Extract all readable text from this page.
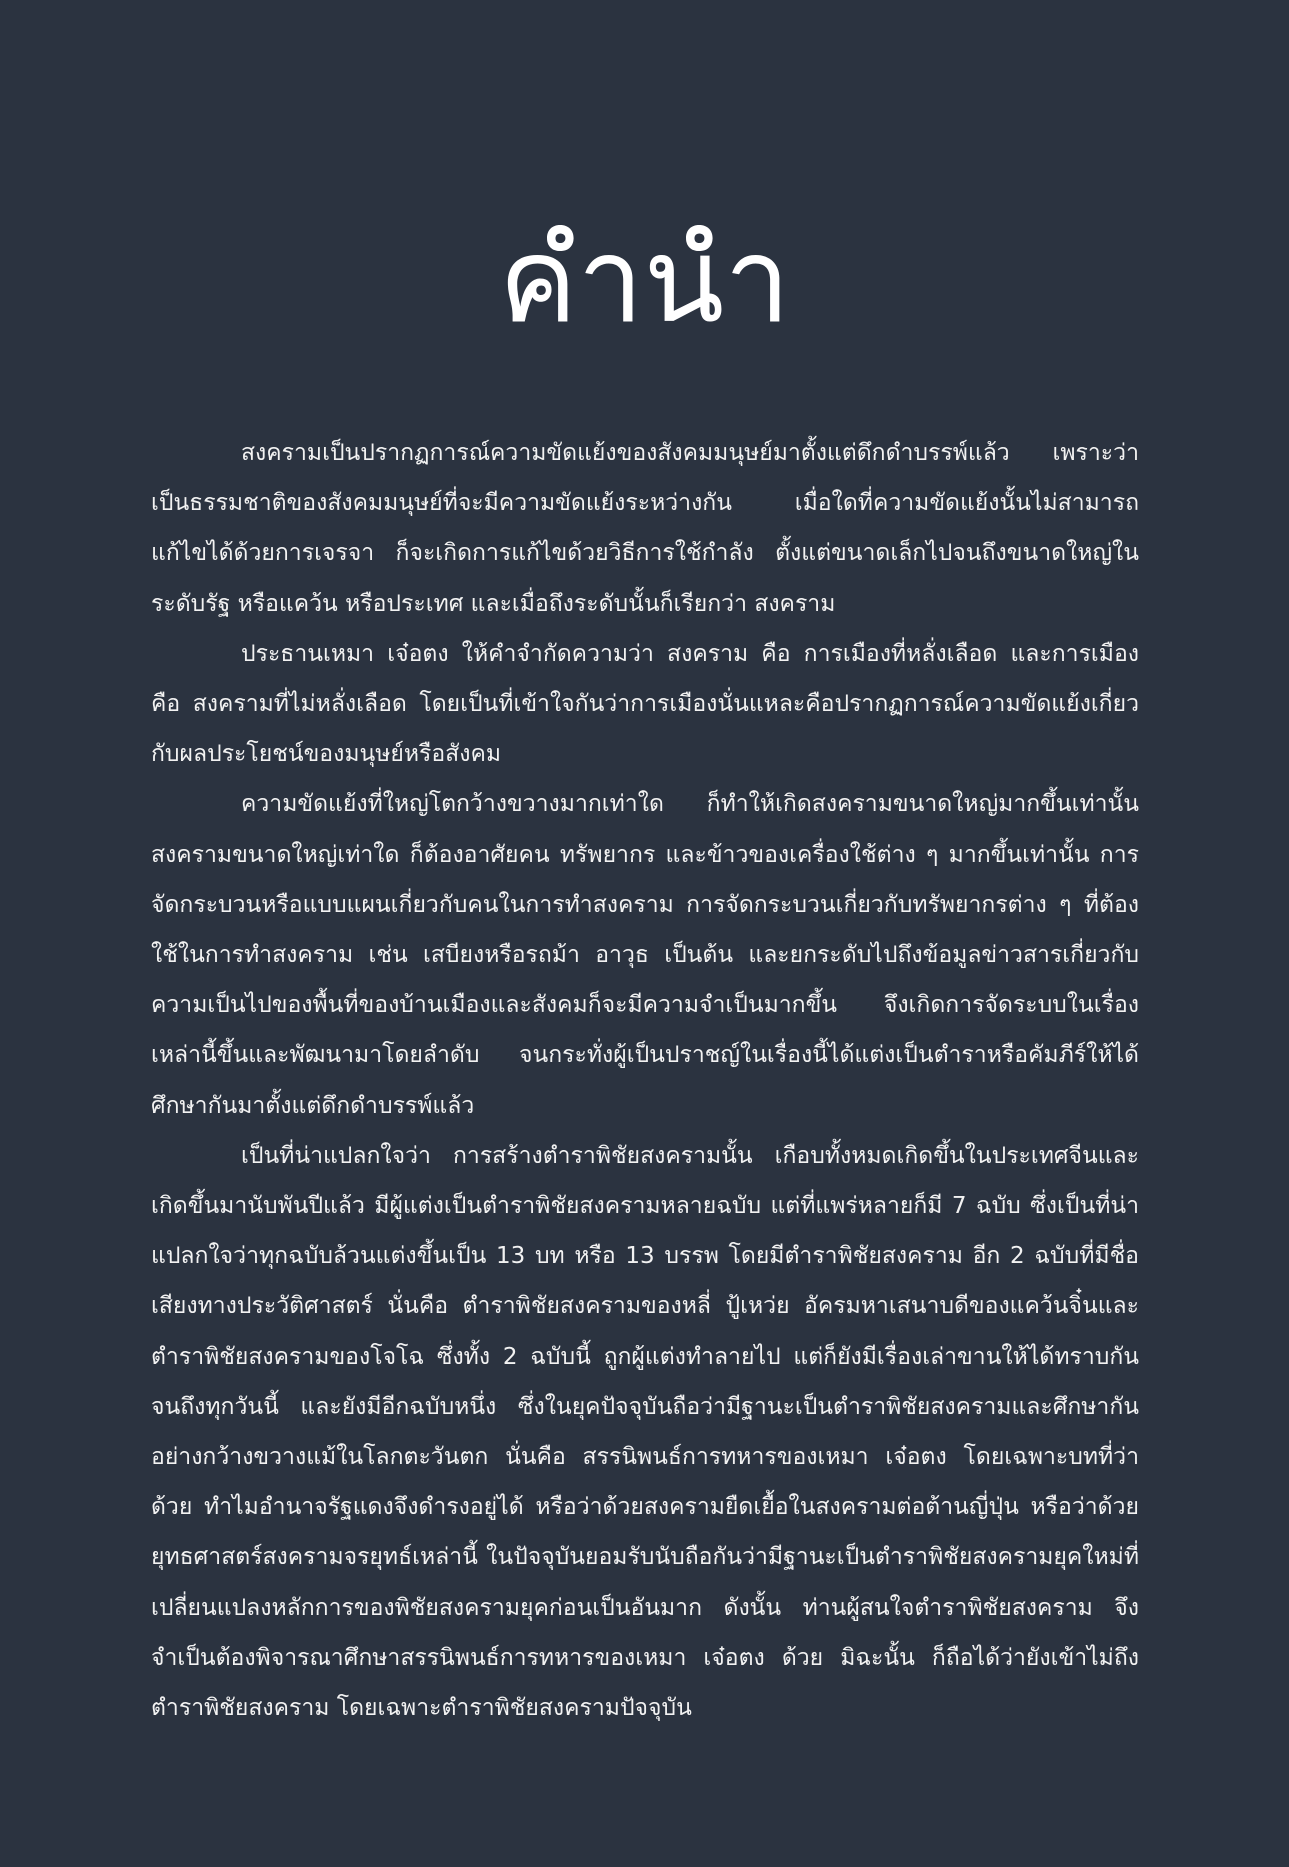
คำนำ

สงครามเป็นปรากฏการณ์ความขัดแย้งของสังคมมนุษย์มาตั้งแต่ดึกดำบรรพ์แล้ว เพราะว่าเป็นธรรมชาติของสังคมมนุษย์ที่จะมีความขัดแย้งระหว่างกัน เมื่อใดที่ความขัดแย้งนั้นไม่สามารถแก้ไขได้ด้วยการเจรจา ก็จะเกิดการแก้ไขด้วยวิธีการใช้กำลัง ตั้งแต่ขนาดเล็กไปจนถึงขนาดใหญ่ในระดับรัฐ หรือแคว้น หรือประเทศ และเมื่อถึงระดับนั้นก็เรียกว่า สงคราม

ประธานเหมา เจ๋อตง ให้คำจำกัดความว่า สงคราม คือ การเมืองที่หลั่งเลือด และการเมือง คือ สงครามที่ไม่หลั่งเลือด โดยเป็นที่เข้าใจกันว่าการเมืองนั่นแหละคือปรากฏการณ์ความขัดแย้งเกี่ยวกับผลประโยชน์ของมนุษย์หรือสังคม

ความขัดแย้งที่ใหญ่โตกว้างขวางมากเท่าใด ก็ทำให้เกิดสงครามขนาดใหญ่มากขึ้นเท่านั้น สงครามขนาดใหญ่เท่าใด ก็ต้องอาศัยคน ทรัพยากร และข้าวของเครื่องใช้ต่าง ๆ มากขึ้นเท่านั้น การจัดกระบวนหรือแบบแผนเกี่ยวกับคนในการทำสงคราม การจัดกระบวนเกี่ยวกับทรัพยากรต่าง ๆ ที่ต้องใช้ในการทำสงคราม เช่น เสบียงหรือรถม้า อาวุธ เป็นต้น และยกระดับไปถึงข้อมูลข่าวสารเกี่ยวกับความเป็นไปของพื้นที่ของบ้านเมืองและสังคมก็จะมีความจำเป็นมากขึ้น จึงเกิดการจัดระบบในเรื่องเหล่านี้ขึ้นและพัฒนามาโดยลำดับ จนกระทั่งผู้เป็นปราชญ์ในเรื่องนี้ได้แต่งเป็นตำราหรือคัมภีร์ให้ได้ศึกษากันมาตั้งแต่ดึกดำบรรพ์แล้ว

เป็นที่น่าแปลกใจว่า การสร้างตำราพิชัยสงครามนั้น เกือบทั้งหมดเกิดขึ้นในประเทศจีนและเกิดขึ้นมานับพันปีแล้ว มีผู้แต่งเป็นตำราพิชัยสงครามหลายฉบับ แต่ที่แพร่หลายก็มี 7 ฉบับ ซึ่งเป็นที่น่าแปลกใจว่าทุกฉบับล้วนแต่งขึ้นเป็น 13 บท หรือ 13 บรรพ โดยมีตำราพิชัยสงคราม อีก 2 ฉบับที่มีชื่อเสียงทางประวัติศาสตร์ นั่นคือ ตำราพิชัยสงครามของหลี่ ปู้เหว่ย อัครมหาเสนาบดีของแคว้นจิ๋นและตำราพิชัยสงครามของโจโฉ ซึ่งทั้ง 2 ฉบับนี้ ถูกผู้แต่งทำลายไป แต่ก็ยังมีเรื่องเล่าขานให้ได้ทราบกันจนถึงทุกวันนี้ และยังมีอีกฉบับหนึ่ง ซึ่งในยุคปัจจุบันถือว่ามีฐานะเป็นตำราพิชัยสงครามและศึกษากันอย่างกว้างขวางแม้ในโลกตะวันตก นั่นคือ สรรนิพนธ์การทหารของเหมา เจ๋อตง โดยเฉพาะบทที่ว่าด้วย ทำไมอำนาจรัฐแดงจึงดำรงอยู่ได้ หรือว่าด้วยสงครามยืดเยื้อในสงครามต่อต้านญี่ปุ่น หรือว่าด้วยยุทธศาสตร์สงครามจรยุทธ์เหล่านี้ ในปัจจุบันยอมรับนับถือกันว่ามีฐานะเป็นตำราพิชัยสงครามยุคใหม่ที่เปลี่ยนแปลงหลักการของพิชัยสงครามยุคก่อนเป็นอันมาก ดังนั้น ท่านผู้สนใจตำราพิชัยสงคราม จึงจำเป็นต้องพิจารณาศึกษาสรรนิพนธ์การทหารของเหมา เจ๋อตง ด้วย มิฉะนั้น ก็ถือได้ว่ายังเข้าไม่ถึงตำราพิชัยสงคราม โดยเฉพาะตำราพิชัยสงครามปัจจุบัน
